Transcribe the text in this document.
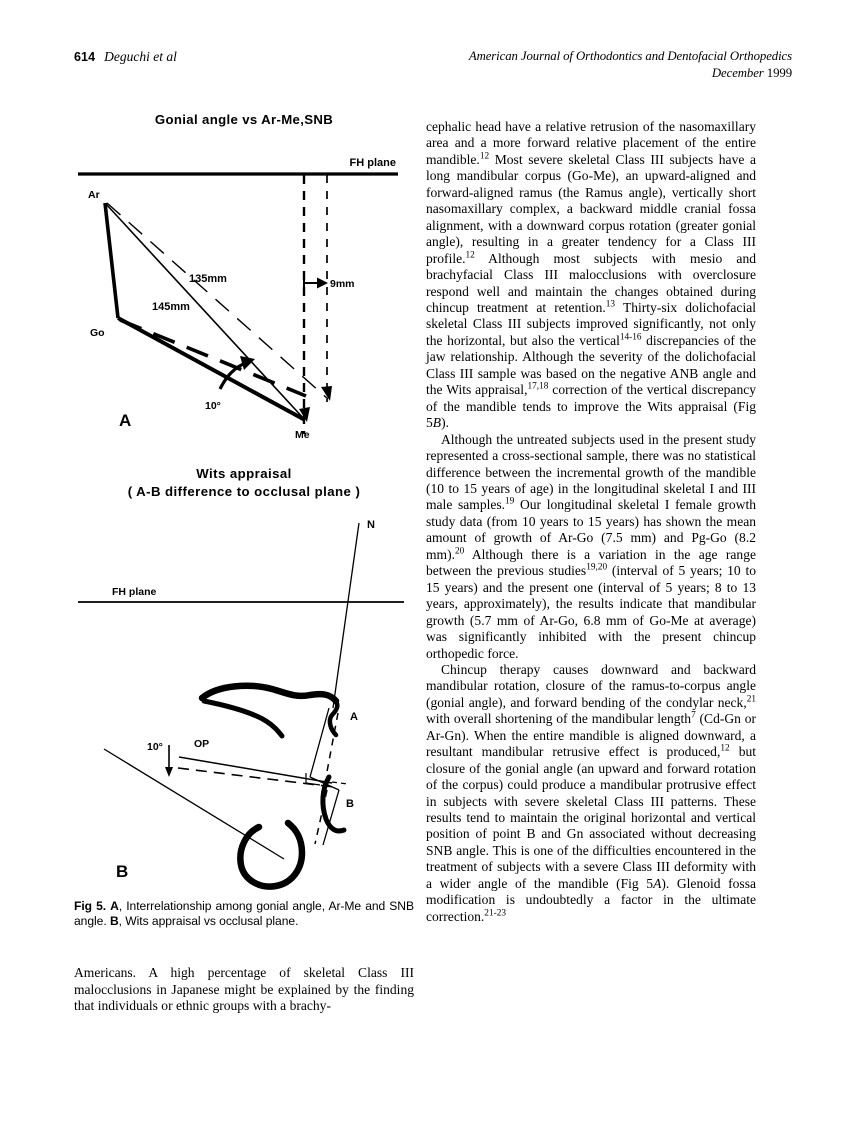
614 Deguchi et al	American Journal of Orthodontics and Dentofacial Orthopedics
December 1999
Gonial angle vs Ar-Me,SNB
FH plane
9mm
Ar
Go
Me
135mm
145mm
10°
A
Wits appraisal
( A-B difference to occlusal plane )
N
FH plane
A
OP
10°
B
B
Fig 5. A, Interrelationship among gonial angle, Ar-Me and SNB angle. B, Wits appraisal vs occlusal plane.

Americans. A high percentage of skeletal Class III malocclusions in Japanese might be explained by the finding that individuals or ethnic groups with a brachy-

cephalic head have a relative retrusion of the nasomaxillary area and a more forward relative placement of the entire mandible.$^{12}$ Most severe skeletal Class III subjects have a long mandibular corpus (Go-Me), an upward-aligned and forward-aligned ramus (the Ramus angle), vertically short nasomaxillary complex, a backward middle cranial fossa alignment, with a downward corpus rotation (greater gonial angle), resulting in a greater tendency for a Class III profile.$^{12}$ Although most subjects with mesio and brachyfacial Class III malocclusions with overclosure respond well and maintain the changes obtained during chincup treatment at retention.$^{13}$ Thirty-six dolichofacial skeletal Class III subjects improved significantly, not only the horizontal, but also the vertical$^{14-16}$ discrepancies of the jaw relationship. Although the severity of the dolichofacial Class III sample was based on the negative ANB angle and the Wits appraisal,$^{17,18}$ correction of the vertical discrepancy of the mandible tends to improve the Wits appraisal (Fig 5B).

Although the untreated subjects used in the present study represented a cross-sectional sample, there was no statistical difference between the incremental growth of the mandible (10 to 15 years of age) in the longitudinal skeletal I and III male samples.$^{19}$ Our longitudinal skeletal I female growth study data (from 10 years to 15 years) has shown the mean amount of growth of Ar-Go (7.5 mm) and Pg-Go (8.2 mm).$^{20}$ Although there is a variation in the age range between the previous studies$^{19,20}$ (interval of 5 years; 10 to 15 years) and the present one (interval of 5 years; 8 to 13 years, approximately), the results indicate that mandibular growth (5.7 mm of Ar-Go, 6.8 mm of Go-Me at average) was significantly inhibited with the present chincup orthopedic force.

Chincup therapy causes downward and backward mandibular rotation, closure of the ramus-to-corpus angle (gonial angle), and forward bending of the condylar neck,$^{21}$ with overall shortening of the mandibular length$^7$ (Cd-Gn or Ar-Gn). When the entire mandible is aligned downward, a resultant mandibular retrusive effect is produced,$^{12}$ but closure of the gonial angle (an upward and forward rotation of the corpus) could produce a mandibular protrusive effect in subjects with severe skeletal Class III patterns. These results tend to maintain the original horizontal and vertical position of point B and Gn associated without decreasing SNB angle. This is one of the difficulties encountered in the treatment of subjects with a severe Class III deformity with a wider angle of the mandible (Fig 5A). Glenoid fossa modification is undoubtedly a factor in the ultimate correction.$^{21-23}$
